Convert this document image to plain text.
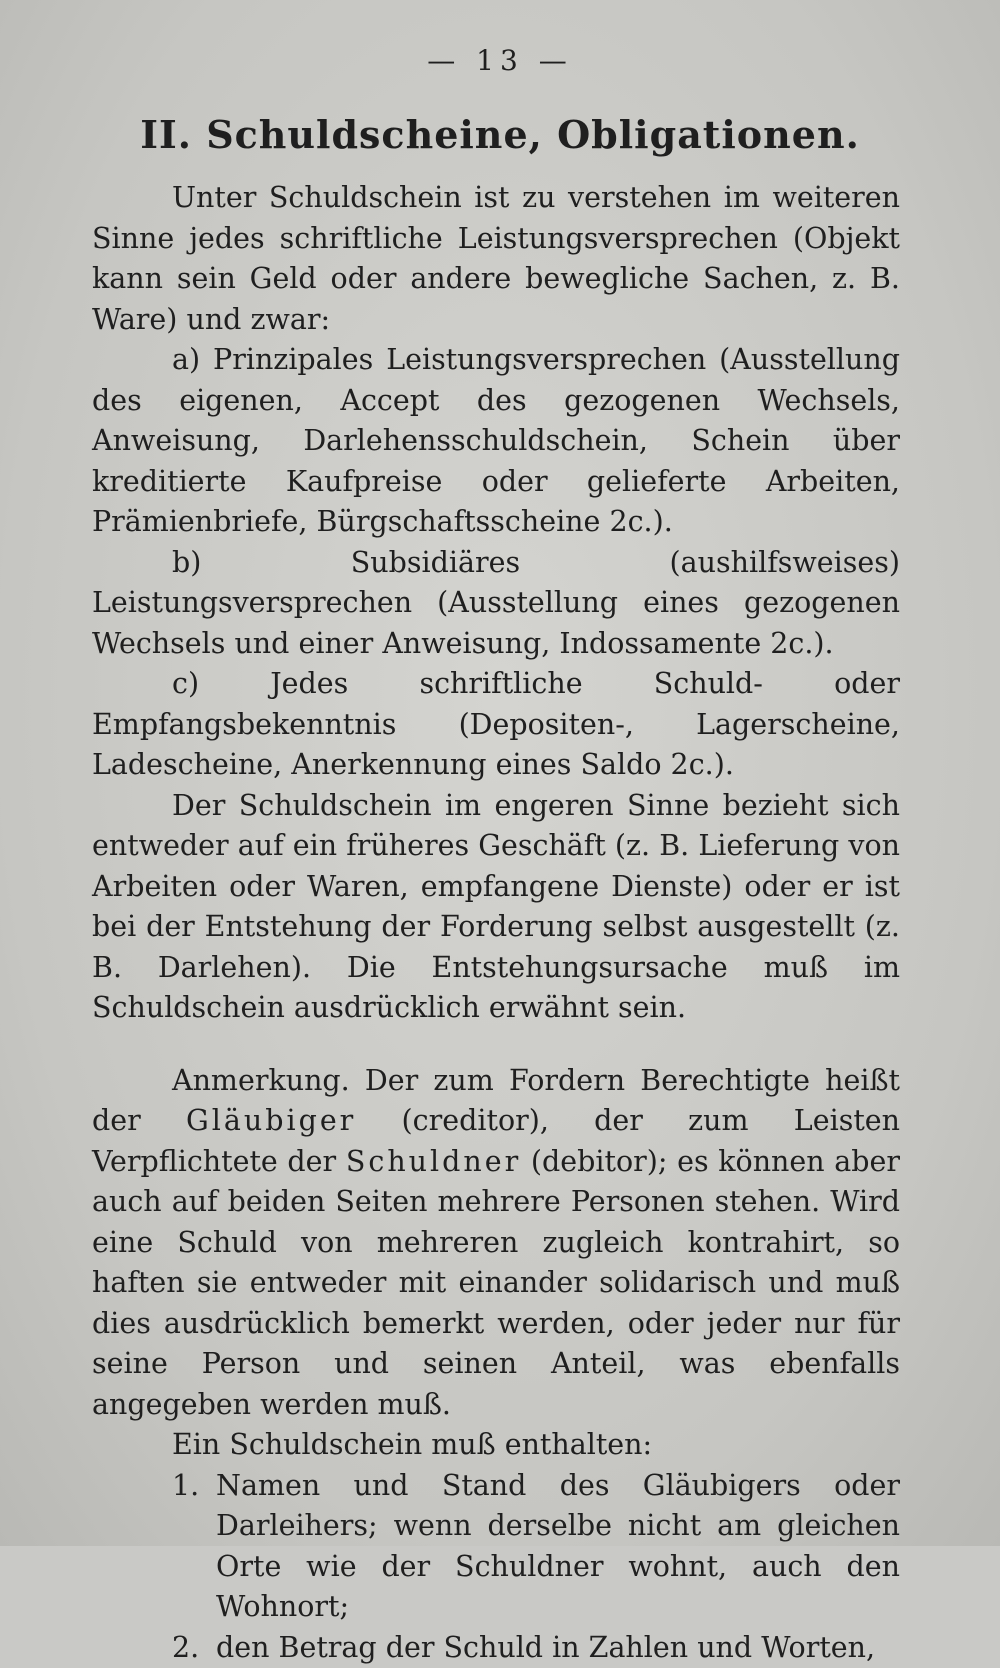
— 13 —
II. Schuldscheine, Obligationen.

Unter Schuldschein ist zu verstehen im weiteren Sinne jedes schriftliche Leistungsversprechen (Objekt kann sein Geld oder andere bewegliche Sachen, z. B. Ware) und zwar:

a) Prinzipales Leistungsversprechen (Ausstellung des eigenen, Accept des gezogenen Wechsels, Anweisung, Darlehensschuldschein, Schein über kreditierte Kaufpreise oder gelieferte Arbeiten, Prämienbriefe, Bürgschaftsscheine 2c.).

b) Subsidiäres (aushilfsweises) Leistungsversprechen (Ausstellung eines gezogenen Wechsels und einer Anweisung, Indossamente 2c.).

c) Jedes schriftliche Schuld- oder Empfangsbekenntnis (Depositen-, Lagerscheine, Ladescheine, Anerkennung eines Saldo 2c.).

Der Schuldschein im engeren Sinne bezieht sich entweder auf ein früheres Geschäft (z. B. Lieferung von Arbeiten oder Waren, empfangene Dienste) oder er ist bei der Entstehung der Forderung selbst ausgestellt (z. B. Darlehen). Die Entstehungsursache muß im Schuldschein ausdrücklich erwähnt sein.

Anmerkung. Der zum Fordern Berechtigte heißt der Gläubiger (creditor), der zum Leisten Verpflichtete der Schuldner (debitor); es können aber auch auf beiden Seiten mehrere Personen stehen. Wird eine Schuld von mehreren zugleich kontrahirt, so haften sie entweder mit einander solidarisch und muß dies ausdrücklich bemerkt werden, oder jeder nur für seine Person und seinen Anteil, was ebenfalls angegeben werden muß.

Ein Schuldschein muß enthalten:

1. Namen und Stand des Gläubigers oder Darleihers; wenn derselbe nicht am gleichen Orte wie der Schuldner wohnt, auch den Wohnort;
2. den Betrag der Schuld in Zahlen und Worten,
